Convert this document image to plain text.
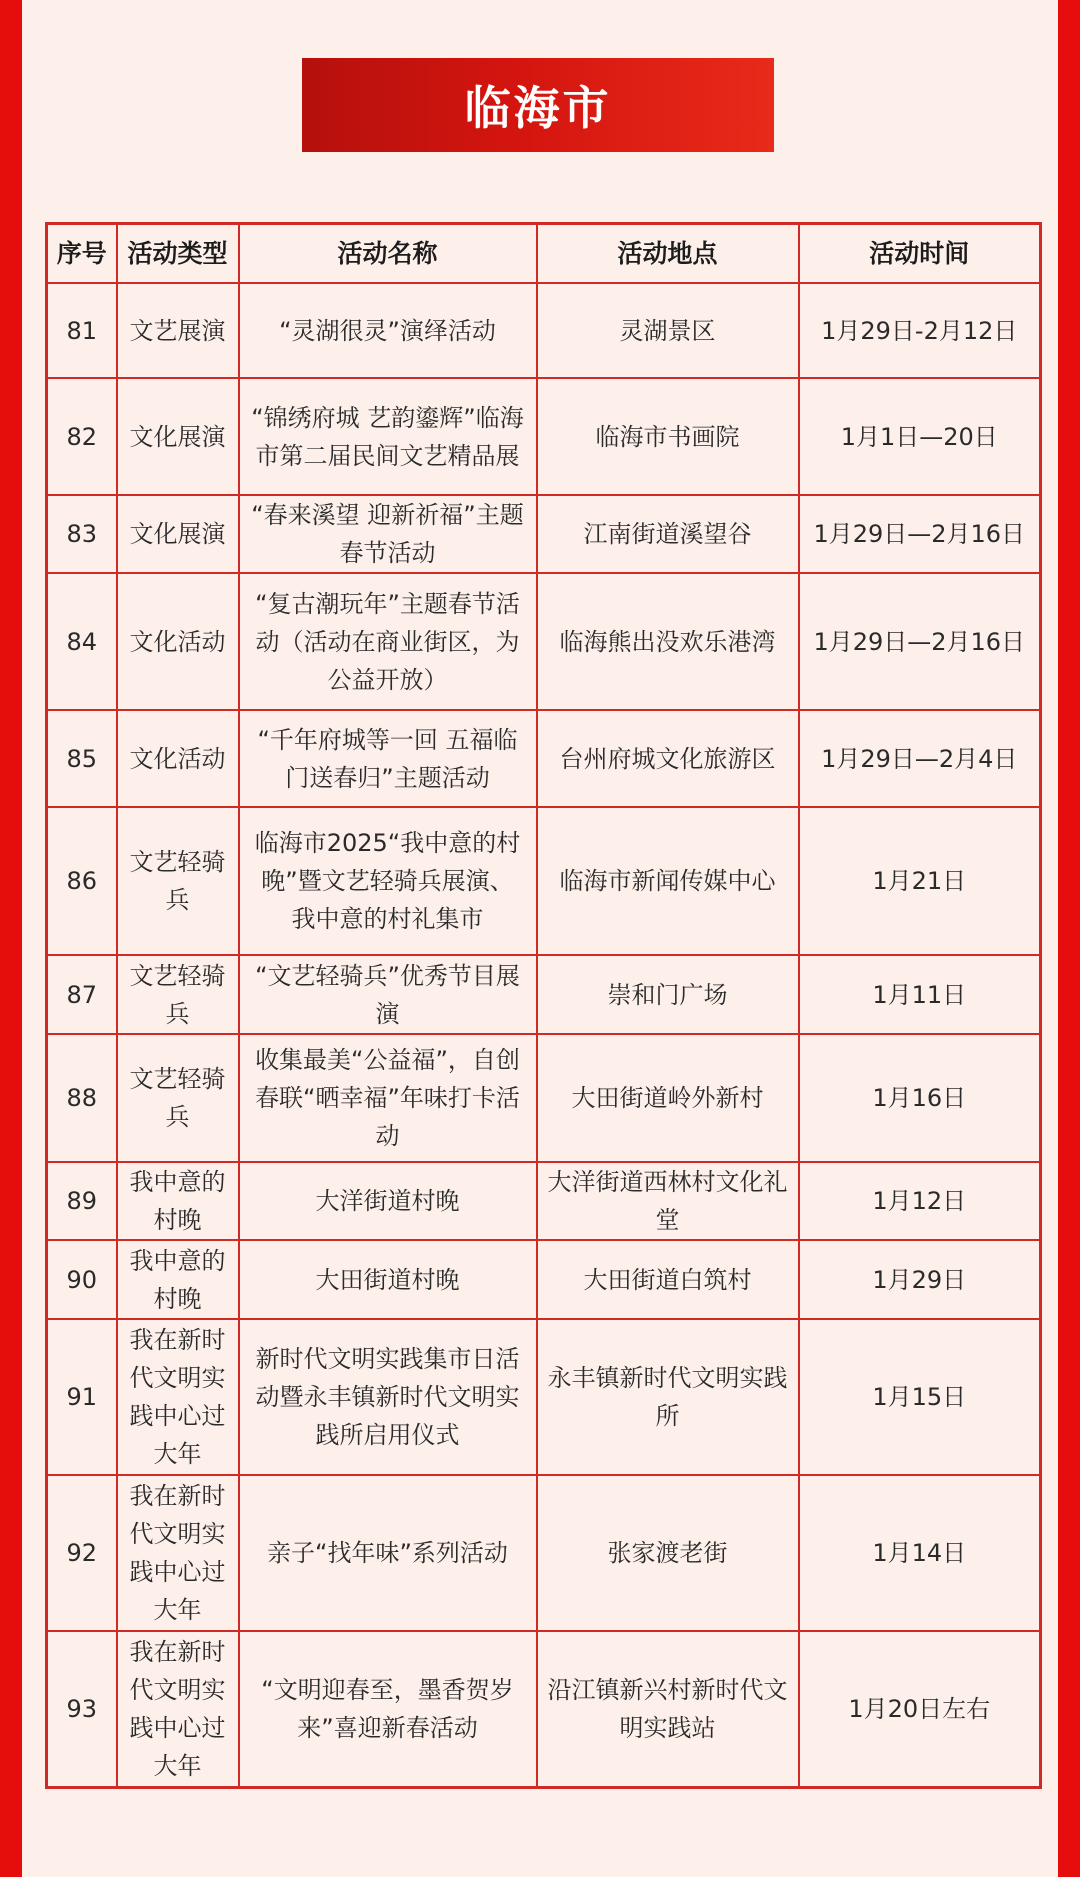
临海市
序号	活动类型	活动名称	活动地点	活动时间
81	文艺展演	“灵湖很灵”演绎活动	灵湖景区	1月29日-2月12日
82	文化展演	“锦绣府城 艺韵鎏辉”临海市第二届民间文艺精品展	临海市书画院	1月1日—20日
83	文化展演	“春来溪望 迎新祈福”主题春节活动	江南街道溪望谷	1月29日—2月16日
84	文化活动	“复古潮玩年”主题春节活动（活动在商业街区，为公益开放）	临海熊出没欢乐港湾	1月29日—2月16日
85	文化活动	“千年府城等一回 五福临门送春归”主题活动	台州府城文化旅游区	1月29日—2月4日
86	文艺轻骑兵	临海市2025“我中意的村晚”暨文艺轻骑兵展演、我中意的村礼集市	临海市新闻传媒中心	1月21日
87	文艺轻骑兵	“文艺轻骑兵”优秀节目展演	崇和门广场	1月11日
88	文艺轻骑兵	收集最美“公益福”，自创春联“晒幸福”年味打卡活动	大田街道岭外新村	1月16日
89	我中意的村晚	大洋街道村晚	大洋街道西林村文化礼堂	1月12日
90	我中意的村晚	大田街道村晚	大田街道白筑村	1月29日
91	我在新时代文明实践中心过大年	新时代文明实践集市日活动暨永丰镇新时代文明实践所启用仪式	永丰镇新时代文明实践所	1月15日
92	我在新时代文明实践中心过大年	亲子“找年味”系列活动	张家渡老街	1月14日
93	我在新时代文明实践中心过大年	“文明迎春至，墨香贺岁来”喜迎新春活动	沿江镇新兴村新时代文明实践站	1月20日左右
